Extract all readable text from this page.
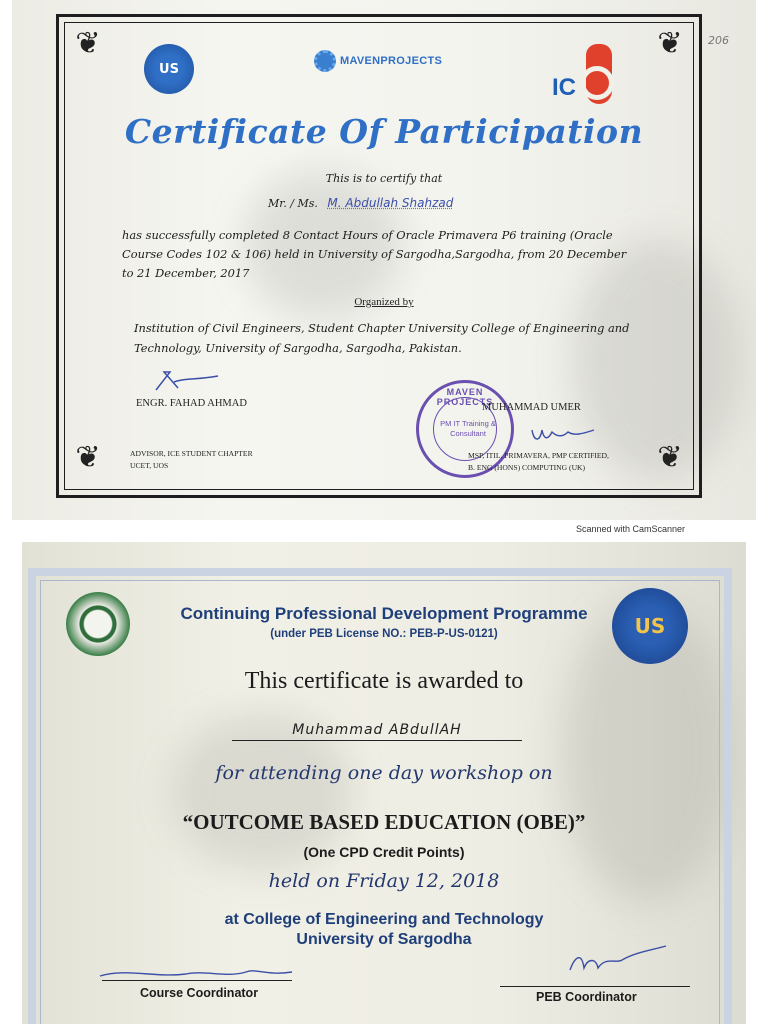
❦	❦
❦	❦
206
US
MAVENPROJECTS
IC
Certificate Of Participation
This is to certify that
Mr. / Ms. M. Abdullah Shahzad
has successfully completed 8 Contact Hours of Oracle Primavera P6 training (Oracle Course Codes 102 & 106) held in University of Sargodha,Sargodha, from 20 December to 21 December, 2017
Organized by
Institution of Civil Engineers, Student Chapter University College of Engineering and Technology, University of Sargodha, Sargodha, Pakistan.
ENGR. FAHAD AHMAD
ADVISOR, ICE STUDENT CHAPTER
UCET, UOS
MAVEN PROJECTS
PM IT Training & Consultant
MUHAMMAD UMER
MSP, ITIL, PRIMAVERA, PMP CERTIFIED,
B. ENG (HONS) COMPUTING (UK)
Scanned with CamScanner
US
Continuing Professional Development Programme
(under PEB License NO.: PEB-P-US-0121)
This certificate is awarded to
Muhammad ABdullAH
for attending one day workshop on
“OUTCOME BASED EDUCATION (OBE)”
(One CPD Credit Points)
held on Friday 12, 2018
at College of Engineering and Technology
University of Sargodha
Course Coordinator	PEB Coordinator
